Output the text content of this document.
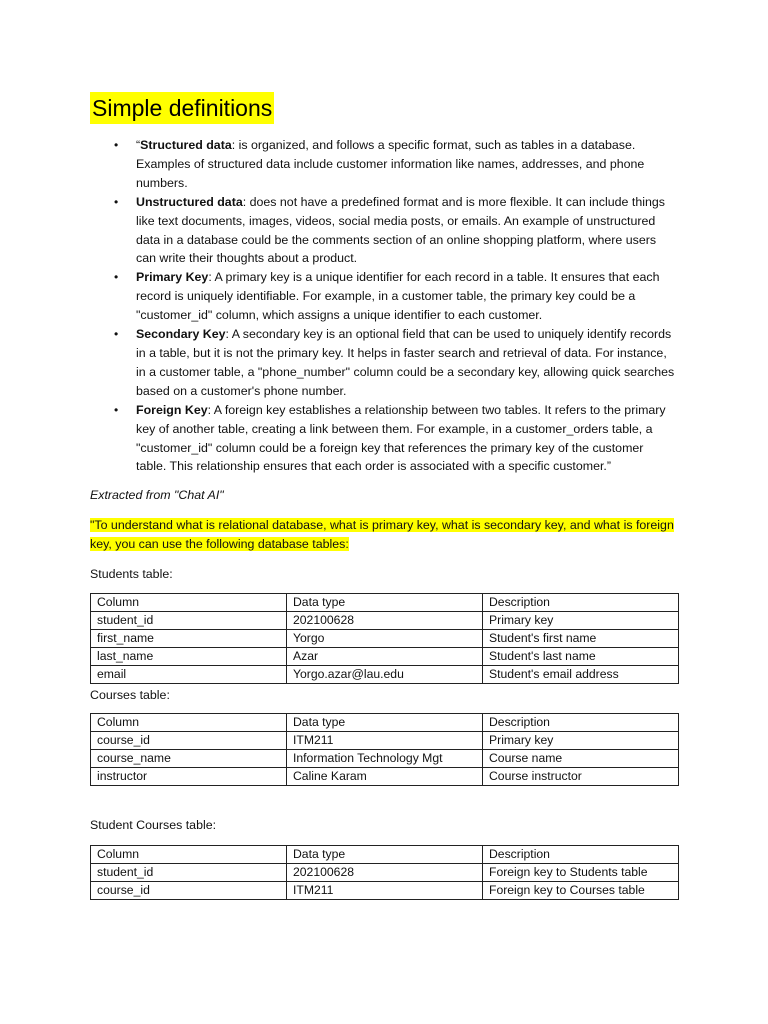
Simple definitions
• “Structured data: is organized, and follows a specific format, such as tables in a database. Examples of structured data include customer information like names, addresses, and phone numbers.
• Unstructured data: does not have a predefined format and is more flexible. It can include things like text documents, images, videos, social media posts, or emails. An example of unstructured data in a database could be the comments section of an online shopping platform, where users can write their thoughts about a product.
• Primary Key: A primary key is a unique identifier for each record in a table. It ensures that each record is uniquely identifiable. For example, in a customer table, the primary key could be a "customer_id" column, which assigns a unique identifier to each customer.
• Secondary Key: A secondary key is an optional field that can be used to uniquely identify records in a table, but it is not the primary key. It helps in faster search and retrieval of data. For instance, in a customer table, a "phone_number" column could be a secondary key, allowing quick searches based on a customer's phone number.
• Foreign Key: A foreign key establishes a relationship between two tables. It refers to the primary key of another table, creating a link between them. For example, in a customer_orders table, a "customer_id" column could be a foreign key that references the primary key of the customer table. This relationship ensures that each order is associated with a specific customer.”
Extracted from "Chat AI"
"To understand what is relational database, what is primary key, what is secondary key, and what is foreign key, you can use the following database tables:
Students table:
Column	Data type	Description
student_id	202100628	Primary key
first_name	Yorgo	Student's first name
last_name	Azar	Student's last name
email	Yorgo.azar@lau.edu	Student's email address
Courses table:
Column	Data type	Description
course_id	ITM211	Primary key
course_name	Information Technology Mgt	Course name
instructor	Caline Karam	Course instructor
Student Courses table:
Column	Data type	Description
student_id	202100628	Foreign key to Students table
course_id	ITM211	Foreign key to Courses table
